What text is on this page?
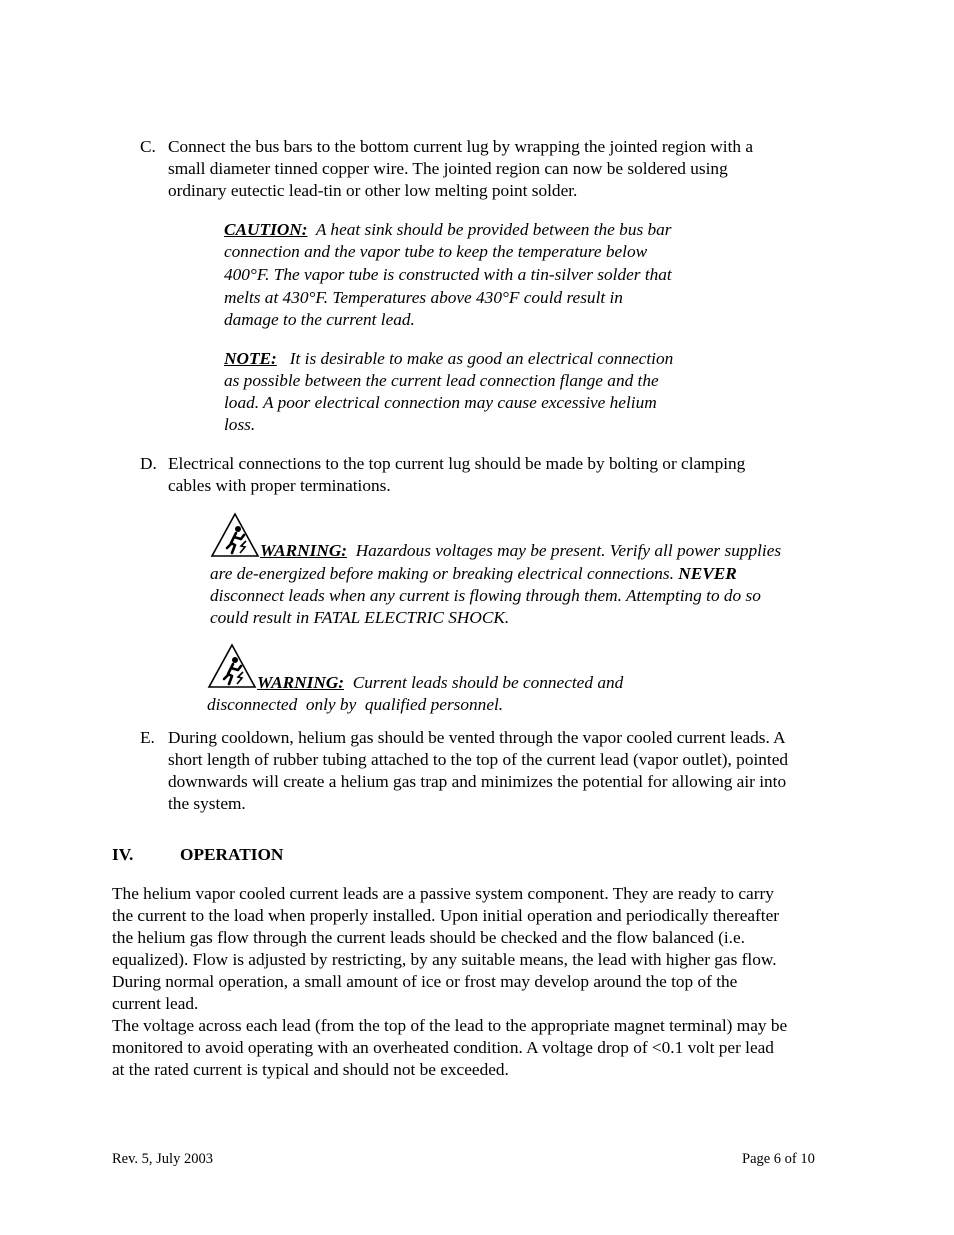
C. Connect the bus bars to the bottom current lug by wrapping the jointed region with a
small diameter tinned copper wire. The jointed region can now be soldered using
ordinary eutectic lead-tin or other low melting point solder.
CAUTION:  A heat sink should be provided between the bus bar
connection and the vapor tube to keep the temperature below
400°F. The vapor tube is constructed with a tin-silver solder that
melts at 430°F. Temperatures above 430°F could result in
damage to the current lead.
NOTE:   It is desirable to make as good an electrical connection
as possible between the current lead connection flange and the
load. A poor electrical connection may cause excessive helium
loss.
D. Electrical connections to the top current lug should be made by bolting or clamping
cables with proper terminations.
WARNING:  Hazardous voltages may be present. Verify all power supplies
are de-energized before making or breaking electrical connections. NEVER
disconnect leads when any current is flowing through them. Attempting to do so
could result in FATAL ELECTRIC SHOCK.
WARNING:  Current leads should be connected and
disconnected  only by  qualified personnel.
E. During cooldown, helium gas should be vented through the vapor cooled current leads. A
short length of rubber tubing attached to the top of the current lead (vapor outlet), pointed
downwards will create a helium gas trap and minimizes the potential for allowing air into
the system.
IV.	OPERATION
The helium vapor cooled current leads are a passive system component. They are ready to carry
the current to the load when properly installed. Upon initial operation and periodically thereafter
the helium gas flow through the current leads should be checked and the flow balanced (i.e.
equalized). Flow is adjusted by restricting, by any suitable means, the lead with higher gas flow.
During normal operation, a small amount of ice or frost may develop around the top of the
current lead.
The voltage across each lead (from the top of the lead to the appropriate magnet terminal) may be
monitored to avoid operating with an overheated condition. A voltage drop of <0.1 volt per lead
at the rated current is typical and should not be exceeded.
Rev. 5, July 2003	Page 6 of 10
